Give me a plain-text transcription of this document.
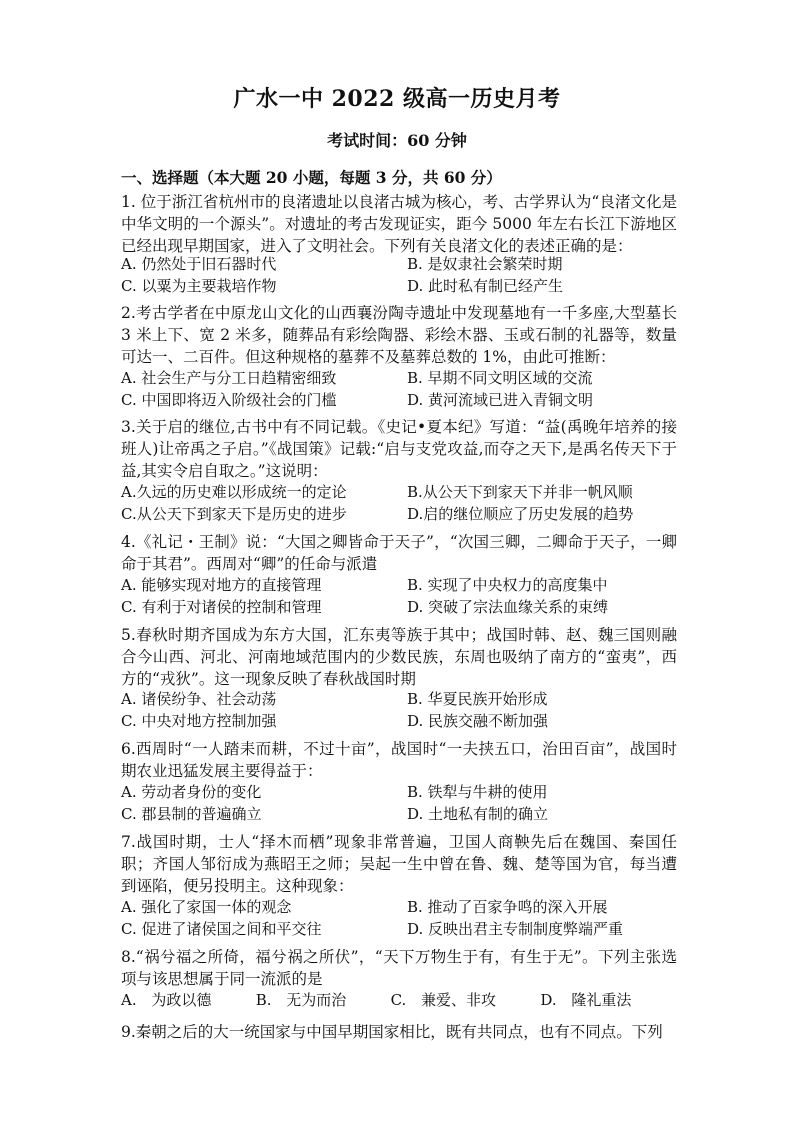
广水一中 2022 级高一历史月考
考试时间：60 分钟
一、选择题（本大题 20 小题，每题 3 分，共 60 分）
1. 位于浙江省杭州市的良渚遗址以良渚古城为核心，考、古学界认为“良渚文化是中华文明的一个源头”。对遗址的考古发现证实，距今 5000 年左右长江下游地区已经出现早期国家，进入了文明社会。下列有关良渚文化的表述正确的是：
A. 仍然处于旧石器时代	B. 是奴隶社会繁荣时期
C. 以粟为主要栽培作物	D. 此时私有制已经产生
2.考古学者在中原龙山文化的山西襄汾陶寺遗址中发现墓地有一千多座,大型墓长 3 米上下、宽 2 米多，随葬品有彩绘陶器、彩绘木器、玉或石制的礼器等，数量可达一、二百件。但这种规格的墓葬不及墓葬总数的 1%，由此可推断：
A. 社会生产与分工日趋精密细致	B. 早期不同文明区域的交流
C. 中国即将迈入阶级社会的门槛	D. 黄河流域已进入青铜文明
3.关于启的继位,古书中有不同记载。《史记•夏本纪》写道：“益(禹晚年培养的接班人)让帝禹之子启。”《战国策》记载:“启与支党攻益,而夺之天下,是禹名传天下于益,其实令启自取之。”这说明：
A.久远的历史难以形成统一的定论	B.从公天下到家天下并非一帆风顺
C.从公天下到家天下是历史的进步	D.启的继位顺应了历史发展的趋势
4.《礼记・王制》说：“大国之卿皆命于天子”，“次国三卿，二卿命于天子，一卿命于其君”。西周对“卿”的任命与派遣
A. 能够实现对地方的直接管理	B. 实现了中央权力的高度集中
C. 有利于对诸侯的控制和管理	D. 突破了宗法血缘关系的束缚
5.春秋时期齐国成为东方大国，汇东夷等族于其中；战国时韩、赵、魏三国则融合今山西、河北、河南地域范围内的少数民族，东周也吸纳了南方的“蛮夷”，西方的“戎狄”。这一现象反映了春秋战国时期
A. 诸侯纷争、社会动荡	B. 华夏民族开始形成
C. 中央对地方控制加强	D. 民族交融不断加强
6.西周时“一人踏耒而耕，不过十亩”，战国时“一夫挟五口，治田百亩”，战国时期农业迅猛发展主要得益于：
A. 劳动者身份的变化	B. 铁犁与牛耕的使用
C. 郡县制的普遍确立	D. 土地私有制的确立
7.战国时期，士人“择木而栖”现象非常普遍，卫国人商鞅先后在魏国、秦国任职；齐国人邹衍成为燕昭王之师；吴起一生中曾在鲁、魏、楚等国为官，每当遭到诬陷，便另投明主。这种现象：
A. 强化了家国一体的观念	B. 推动了百家争鸣的深入开展
C. 促进了诸侯国之间和平交往	D. 反映出君主专制制度弊端严重
8.“祸兮福之所倚，福兮祸之所伏”，“天下万物生于有，有生于无”。下列主张选项与该思想属于同一流派的是
A. 为政以德	B. 无为而治	C. 兼爱、非攻	D. 隆礼重法
9.秦朝之后的大一统国家与中国早期国家相比，既有共同点，也有不同点。下列
